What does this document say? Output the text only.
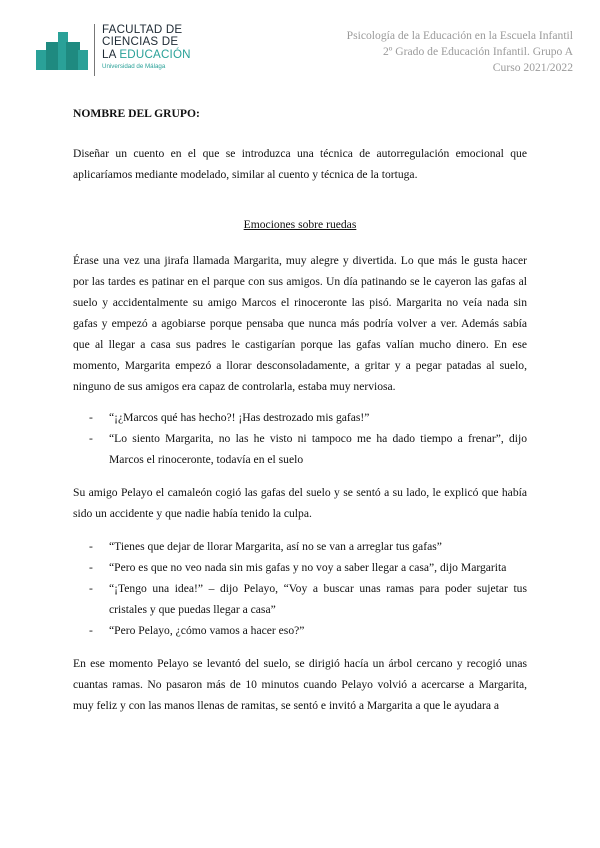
FACULTAD DE
CIENCIAS DE
LA EDUCACIÓN
Universidad de Málaga
Psicología de la Educación en la Escuela Infantil
2º Grado de Educación Infantil. Grupo A
Curso 2021/2022

NOMBRE DEL GRUPO:

Diseñar un cuento en el que se introduzca una técnica de autorregulación emocional que aplicaríamos mediante modelado, similar al cuento y técnica de la tortuga.

Emociones sobre ruedas

Érase una vez una jirafa llamada Margarita, muy alegre y divertida. Lo que más le gusta hacer por las tardes es patinar en el parque con sus amigos. Un día patinando se le cayeron las gafas al suelo y accidentalmente su amigo Marcos el rinoceronte las pisó. Margarita no veía nada sin gafas y empezó a agobiarse porque pensaba que nunca más podría volver a ver. Además sabía que al llegar a casa sus padres le castigarían porque las gafas valían mucho dinero. En ese momento, Margarita empezó a llorar desconsoladamente, a gritar y a pegar patadas al suelo, ninguno de sus amigos era capaz de controlarla, estaba muy nerviosa.

- “¡¿Marcos qué has hecho?! ¡Has destrozado mis gafas!”
- “Lo siento Margarita, no las he visto ni tampoco me ha dado tiempo a frenar”, dijo Marcos el rinoceronte, todavía en el suelo

Su amigo Pelayo el camaleón cogió las gafas del suelo y se sentó a su lado, le explicó que había sido un accidente y que nadie había tenido la culpa.

- “Tienes que dejar de llorar Margarita, así no se van a arreglar tus gafas”
- “Pero es que no veo nada sin mis gafas y no voy a saber llegar a casa”, dijo Margarita
- “¡Tengo una idea!” – dijo Pelayo, “Voy a buscar unas ramas para poder sujetar tus cristales y que puedas llegar a casa”
- “Pero Pelayo, ¿cómo vamos a hacer eso?”

En ese momento Pelayo se levantó del suelo, se dirigió hacía un árbol cercano y recogió unas cuantas ramas. No pasaron más de 10 minutos cuando Pelayo volvió a acercarse a Margarita, muy feliz y con las manos llenas de ramitas, se sentó e invitó a Margarita a que le ayudara a
